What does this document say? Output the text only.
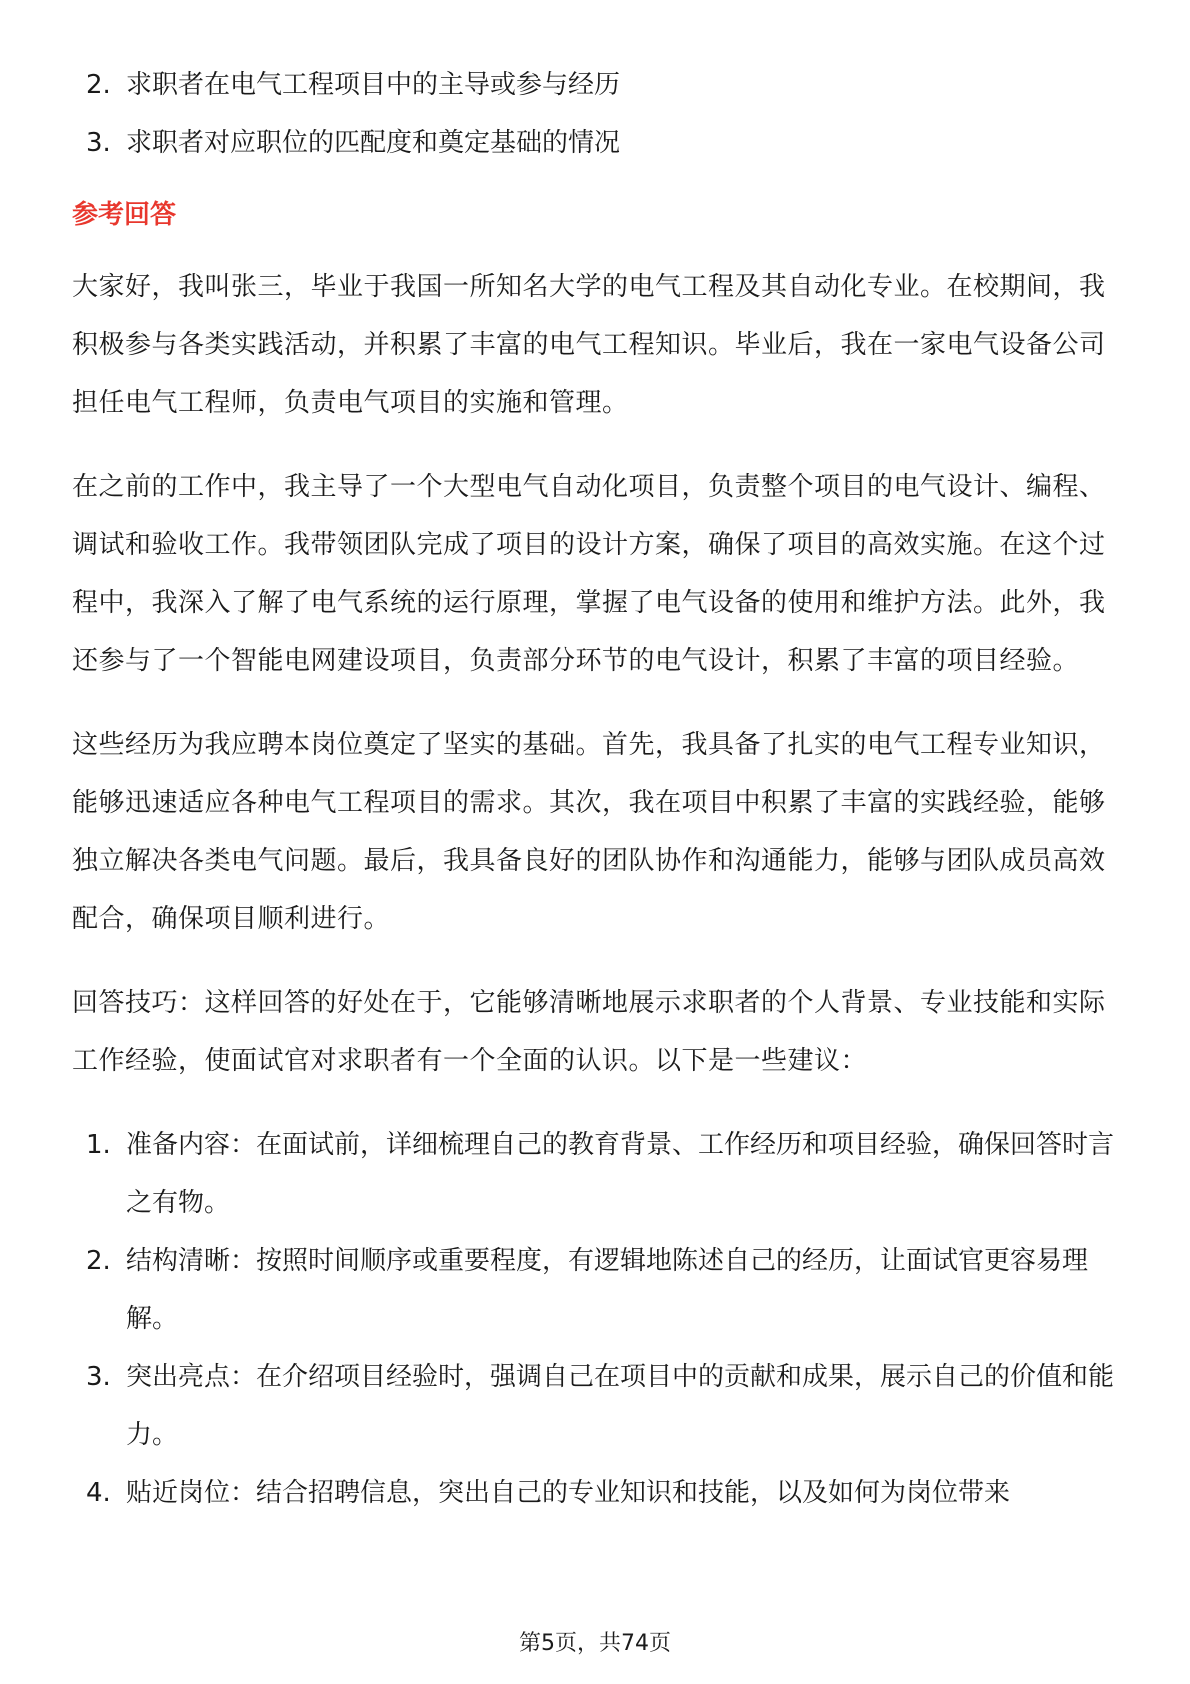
2. 求职者在电气工程项目中的主导或参与经历
3. 求职者对应职位的匹配度和奠定基础的情况
参考回答

大家好，我叫张三，毕业于我国一所知名大学的电气工程及其自动化专业。在校期间，我积极参与各类实践活动，并积累了丰富的电气工程知识。毕业后，我在一家电气设备公司担任电气工程师，负责电气项目的实施和管理。

在之前的工作中，我主导了一个大型电气自动化项目，负责整个项目的电气设计、编程、调试和验收工作。我带领团队完成了项目的设计方案，确保了项目的高效实施。在这个过程中，我深入了解了电气系统的运行原理，掌握了电气设备的使用和维护方法。此外，我还参与了一个智能电网建设项目，负责部分环节的电气设计，积累了丰富的项目经验。

这些经历为我应聘本岗位奠定了坚实的基础。首先，我具备了扎实的电气工程专业知识，能够迅速适应各种电气工程项目的需求。其次，我在项目中积累了丰富的实践经验，能够独立解决各类电气问题。最后，我具备良好的团队协作和沟通能力，能够与团队成员高效配合，确保项目顺利进行。

回答技巧：这样回答的好处在于，它能够清晰地展示求职者的个人背景、专业技能和实际工作经验，使面试官对求职者有一个全面的认识。以下是一些建议：

1. 准备内容：在面试前，详细梳理自己的教育背景、工作经历和项目经验，确保回答时言之有物。
2. 结构清晰：按照时间顺序或重要程度，有逻辑地陈述自己的经历，让面试官更容易理解。
3. 突出亮点：在介绍项目经验时，强调自己在项目中的贡献和成果，展示自己的价值和能力。
4. 贴近岗位：结合招聘信息，突出自己的专业知识和技能，以及如何为岗位带来
第5页，共74页
